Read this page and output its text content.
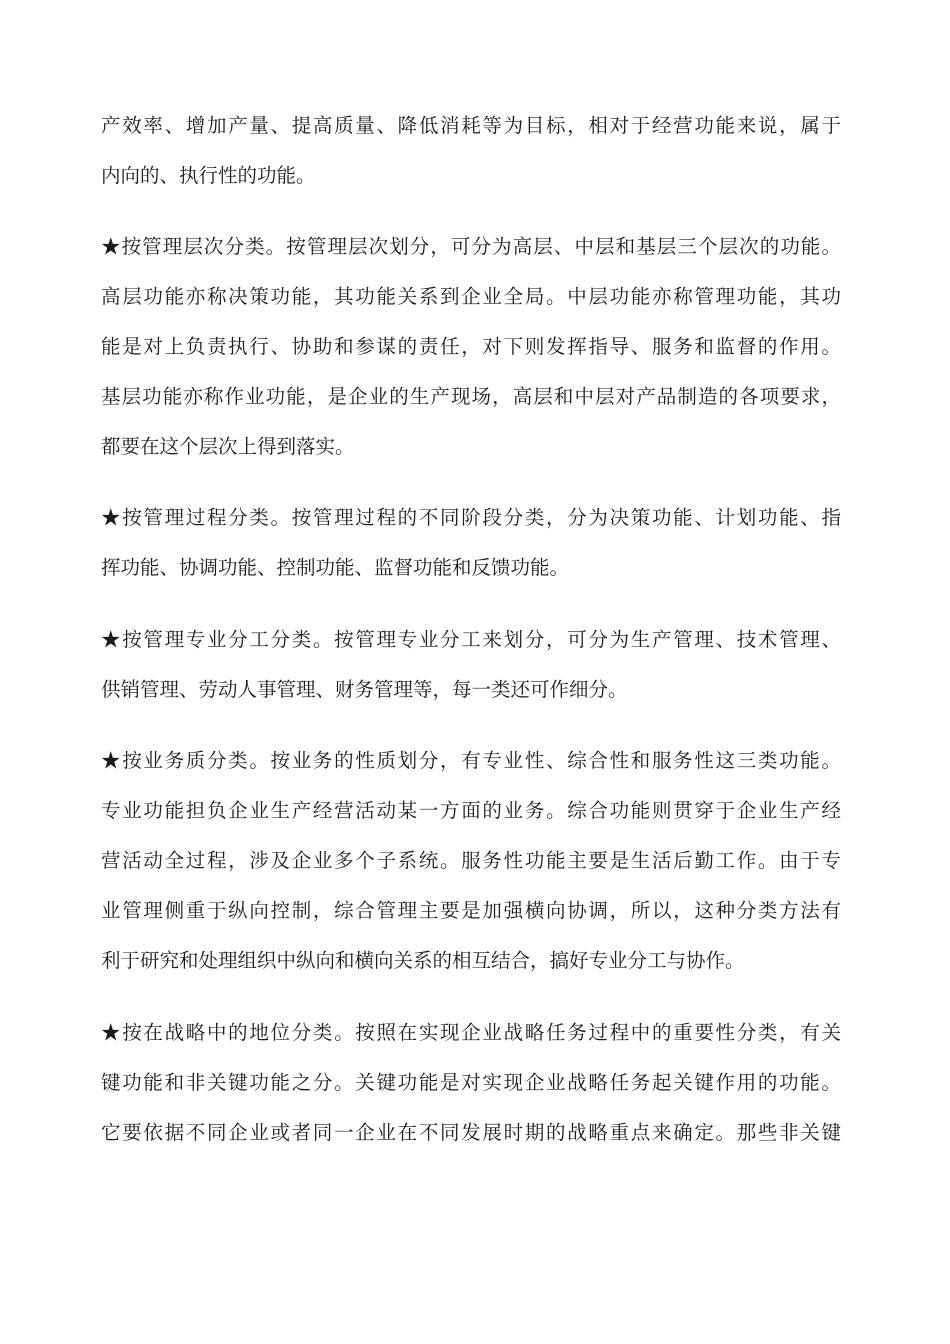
产效率、增加产量、提高质量、降低消耗等为目标，相对于经营功能来说，属于
内向的、执行性的功能。
★按管理层次分类。按管理层次划分，可分为高层、中层和基层三个层次的功能。
高层功能亦称决策功能，其功能关系到企业全局。中层功能亦称管理功能，其功
能是对上负责执行、协助和参谋的责任，对下则发挥指导、服务和监督的作用。
基层功能亦称作业功能，是企业的生产现场，高层和中层对产品制造的各项要求，
都要在这个层次上得到落实。
★按管理过程分类。按管理过程的不同阶段分类，分为决策功能、计划功能、指
挥功能、协调功能、控制功能、监督功能和反馈功能。
★按管理专业分工分类。按管理专业分工来划分，可分为生产管理、技术管理、
供销管理、劳动人事管理、财务管理等，每一类还可作细分。
★按业务质分类。按业务的性质划分，有专业性、综合性和服务性这三类功能。
专业功能担负企业生产经营活动某一方面的业务。综合功能则贯穿于企业生产经
营活动全过程，涉及企业多个子系统。服务性功能主要是生活后勤工作。由于专
业管理侧重于纵向控制，综合管理主要是加强横向协调，所以，这种分类方法有
利于研究和处理组织中纵向和横向关系的相互结合，搞好专业分工与协作。
★按在战略中的地位分类。按照在实现企业战略任务过程中的重要性分类，有关
键功能和非关键功能之分。关键功能是对实现企业战略任务起关键作用的功能。
它要依据不同企业或者同一企业在不同发展时期的战略重点来确定。那些非关键
